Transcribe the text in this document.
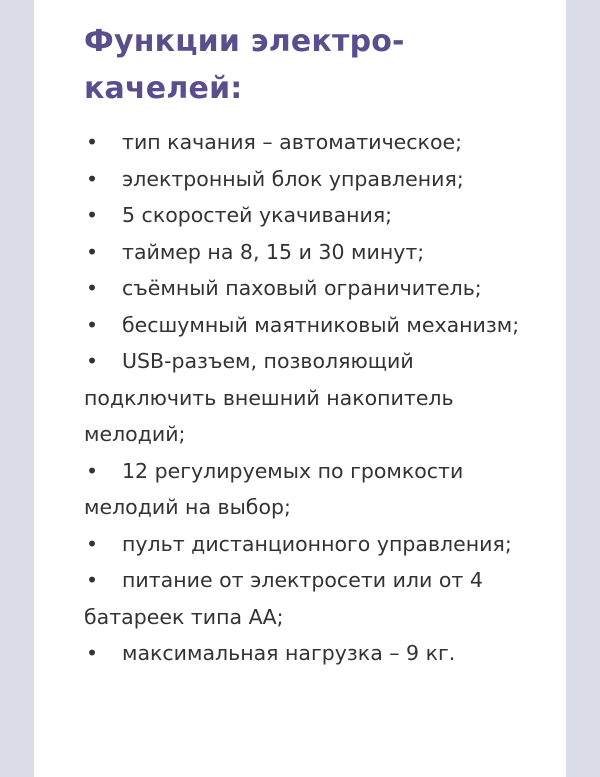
Функции электро-качелей:
• тип качания – автоматическое;
• электронный блок управления;
• 5 скоростей укачивания;
• таймер на 8, 15 и 30 минут;
• съёмный паховый ограничитель;
• бесшумный маятниковый механизм;
• USB-разъем, позволяющий подключить внешний накопитель мелодий;
• 12 регулируемых по громкости мелодий на выбор;
• пульт дистанционного управления;
• питание от электросети или от 4 батареек типа АА;
• максимальная нагрузка – 9 кг.
